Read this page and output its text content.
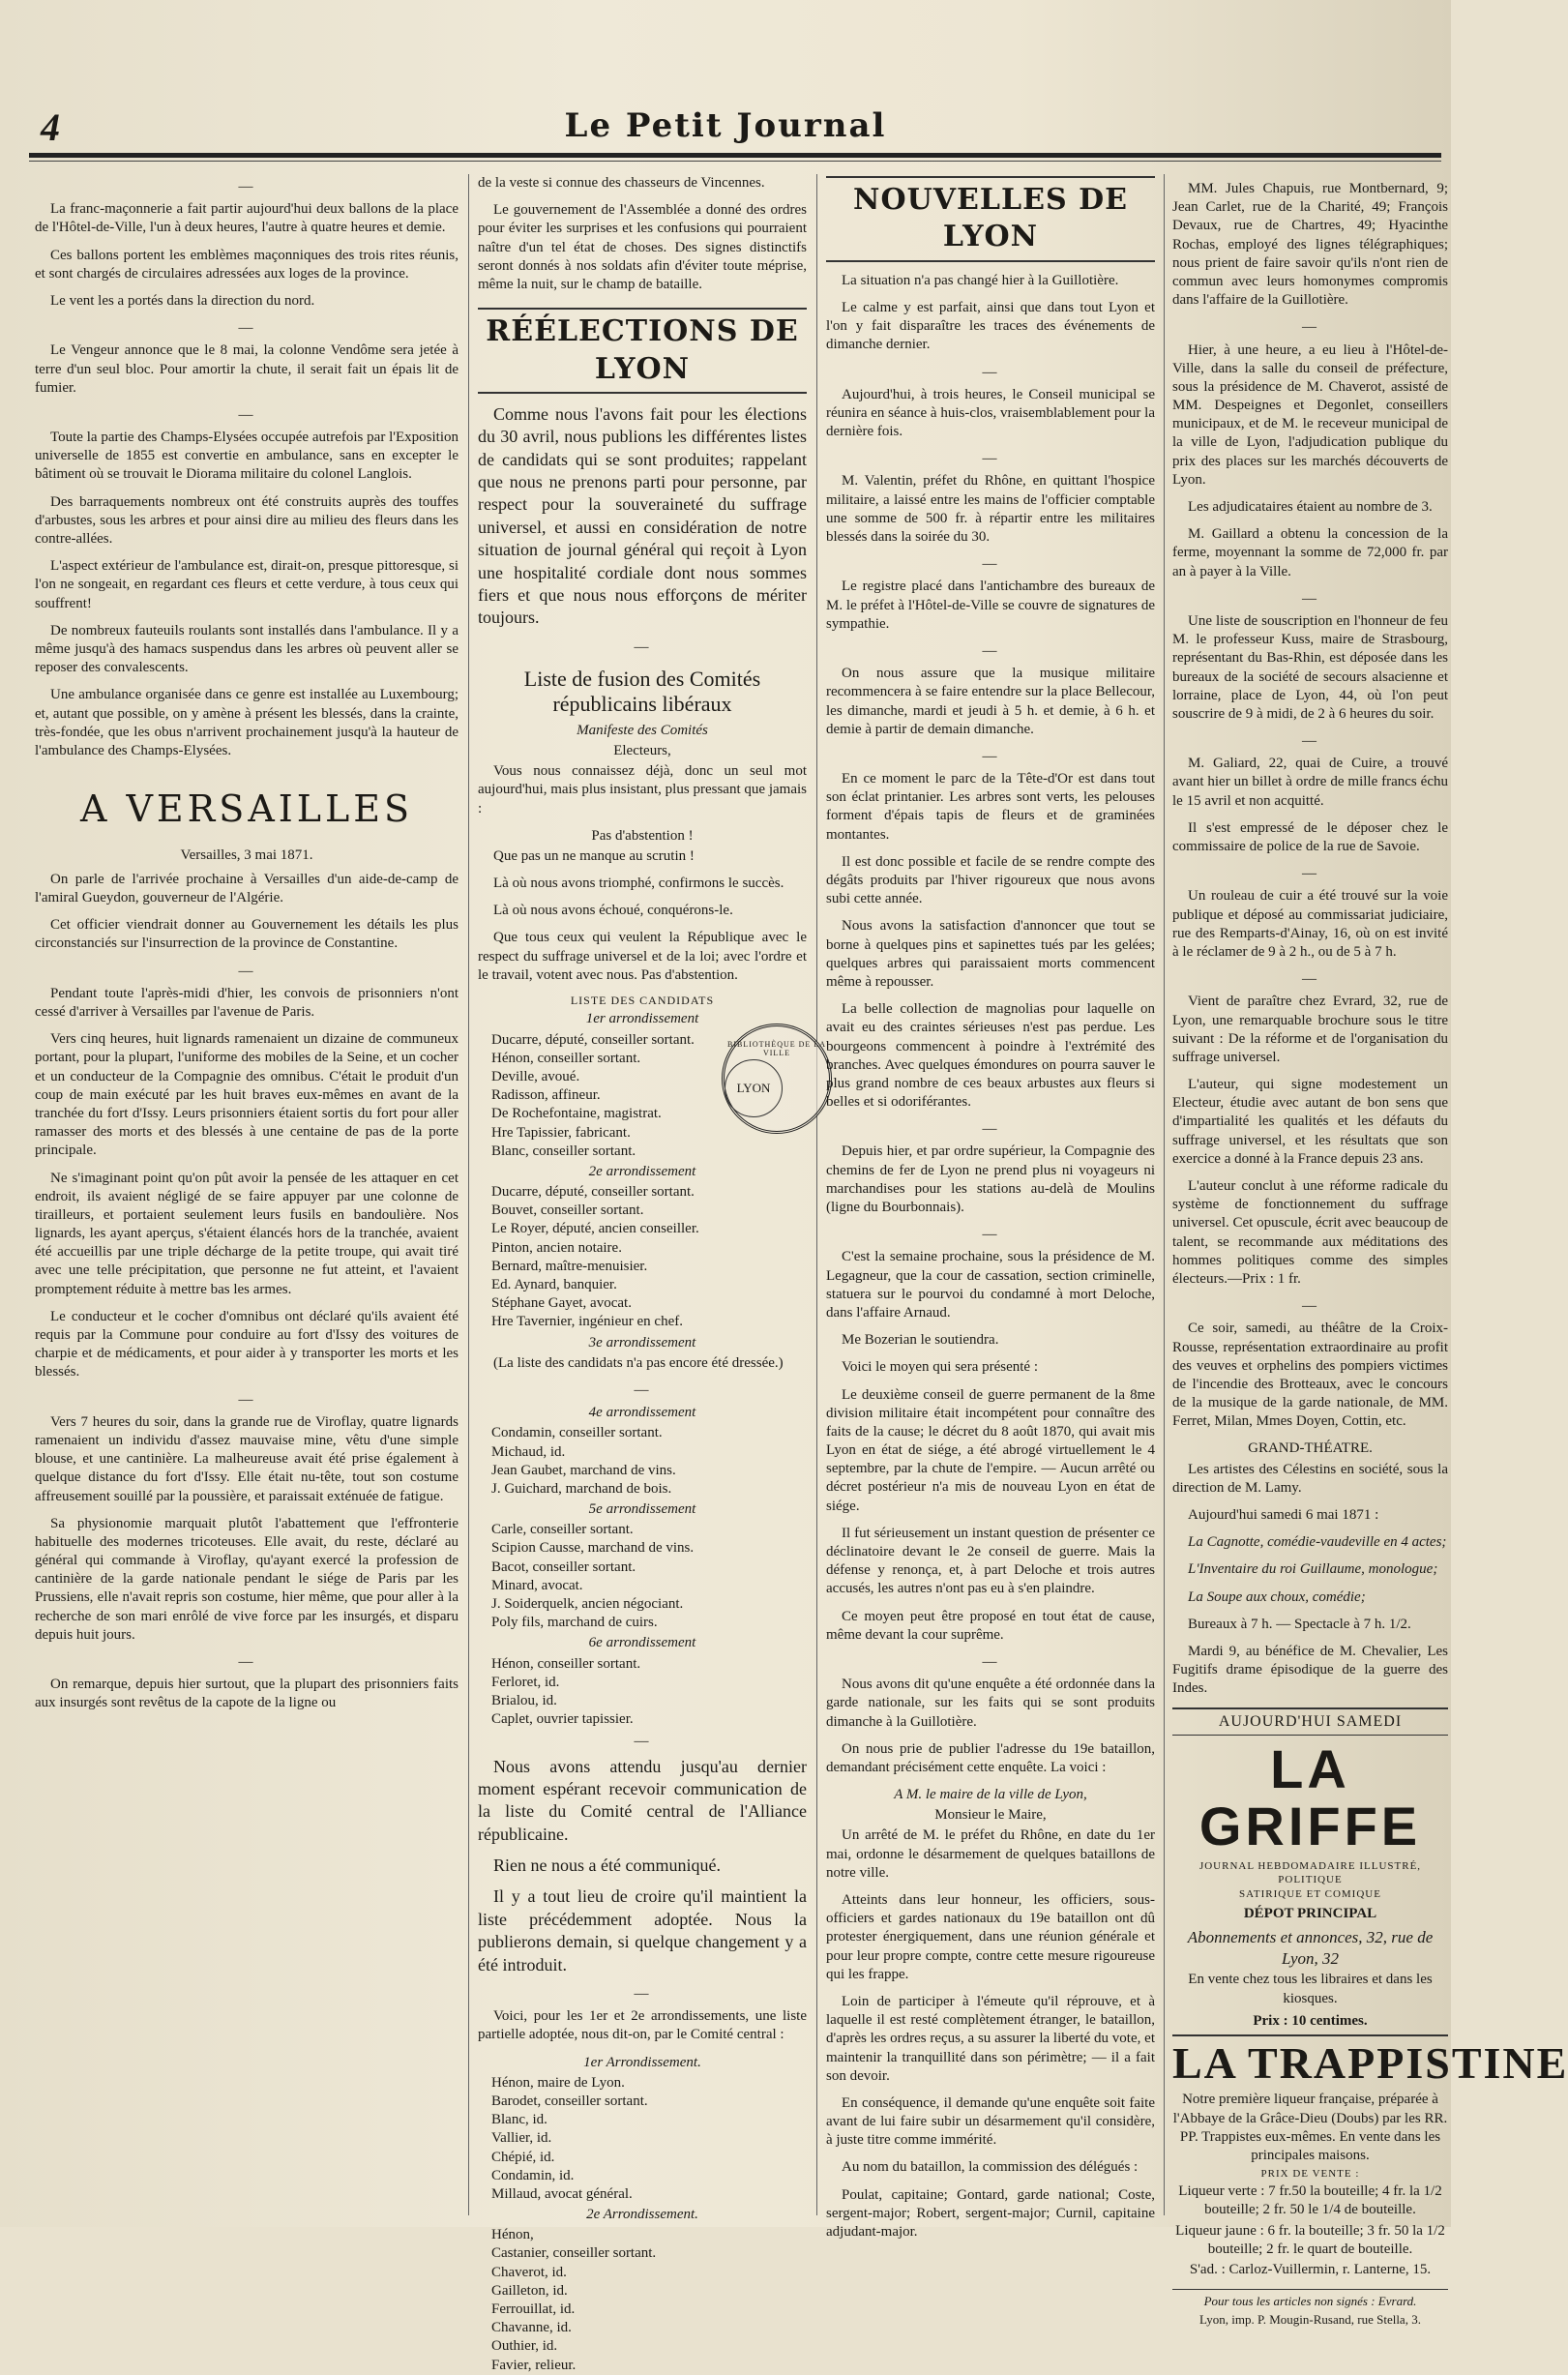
4	Le Petit Journal
—

La franc-maçonnerie a fait partir aujourd'hui deux ballons de la place de l'Hôtel-de-Ville, l'un à deux heures, l'autre à quatre heures et demie.

Ces ballons portent les emblèmes maçonniques des trois rites réunis, et sont chargés de circulaires adressées aux loges de la province.

Le vent les a portés dans la direction du nord.

—

Le Vengeur annonce que le 8 mai, la colonne Vendôme sera jetée à terre d'un seul bloc. Pour amortir la chute, il serait fait un épais lit de fumier.

—

Toute la partie des Champs-Elysées occupée autrefois par l'Exposition universelle de 1855 est convertie en ambulance, sans en excepter le bâtiment où se trouvait le Diorama militaire du colonel Langlois.

Des barraquements nombreux ont été construits auprès des touffes d'arbustes, sous les arbres et pour ainsi dire au milieu des fleurs dans les contre-allées.

L'aspect extérieur de l'ambulance est, dirait-on, presque pittoresque, si l'on ne songeait, en regardant ces fleurs et cette verdure, à tous ceux qui souffrent!

De nombreux fauteuils roulants sont installés dans l'ambulance. Il y a même jusqu'à des hamacs suspendus dans les arbres où peuvent aller se reposer des convalescents.

Une ambulance organisée dans ce genre est installée au Luxembourg; et, autant que possible, on y amène à présent les blessés, dans la crainte, très-fondée, que les obus n'arrivent prochainement jusqu'à la hauteur de l'ambulance des Champs-Elysées.

A VERSAILLES
Versailles, 3 mai 1871.

On parle de l'arrivée prochaine à Versailles d'un aide-de-camp de l'amiral Gueydon, gouverneur de l'Algérie.

Cet officier viendrait donner au Gouvernement les détails les plus circonstanciés sur l'insurrection de la province de Constantine.

—

Pendant toute l'après-midi d'hier, les convois de prisonniers n'ont cessé d'arriver à Versailles par l'avenue de Paris.

Vers cinq heures, huit lignards ramenaient un dizaine de communeux portant, pour la plupart, l'uniforme des mobiles de la Seine, et un cocher et un conducteur de la Compagnie des omnibus. C'était le produit d'un coup de main exécuté par les huit braves eux-mêmes en avant de la tranchée du fort d'Issy. Leurs prisonniers étaient sortis du fort pour aller ramasser des morts et des blessés à une centaine de pas de la porte principale.

Ne s'imaginant point qu'on pût avoir la pensée de les attaquer en cet endroit, ils avaient négligé de se faire appuyer par une colonne de tirailleurs, et portaient seulement leurs fusils en bandoulière. Nos lignards, les ayant aperçus, s'étaient élancés hors de la tranchée, avaient été accueillis par une triple décharge de la petite troupe, qui avait tiré avec une telle précipitation, que personne ne fut atteint, et l'avaient promptement réduite à mettre bas les armes.

Le conducteur et le cocher d'omnibus ont déclaré qu'ils avaient été requis par la Commune pour conduire au fort d'Issy des voitures de charpie et de médicaments, et pour aider à y transporter les morts et les blessés.

—

Vers 7 heures du soir, dans la grande rue de Viroflay, quatre lignards ramenaient un individu d'assez mauvaise mine, vêtu d'une simple blouse, et une cantinière. La malheureuse avait été prise également à quelque distance du fort d'Issy. Elle était nu-tête, tout son costume affreusement souillé par la poussière, et paraissait exténuée de fatigue.

Sa physionomie marquait plutôt l'abattement que l'effronterie habituelle des modernes tricoteuses. Elle avait, du reste, déclaré au général qui commande à Viroflay, qu'ayant exercé la profession de cantinière de la garde nationale pendant le siége de Paris par les Prussiens, elle n'avait repris son costume, hier même, que pour aller à la recherche de son mari enrôlé de vive force par les insurgés, et disparu depuis huit jours.

—

On remarque, depuis hier surtout, que la plupart des prisonniers faits aux insurgés sont revêtus de la capote de la ligne ou

de la veste si connue des chasseurs de Vincennes.

Le gouvernement de l'Assemblée a donné des ordres pour éviter les surprises et les confusions qui pourraient naître d'un tel état de choses. Des signes distinctifs seront donnés à nos soldats afin d'éviter toute méprise, même la nuit, sur le champ de bataille.

RÉÉLECTIONS DE LYON

Comme nous l'avons fait pour les élections du 30 avril, nous publions les différentes listes de candidats qui se sont produites; rappelant que nous ne prenons parti pour personne, par respect pour la souveraineté du suffrage universel, et aussi en considération de notre situation de journal général qui reçoit à Lyon une hospitalité cordiale dont nous sommes fiers et que nous nous efforçons de mériter toujours.

—
Liste de fusion des Comités républicains libéraux
Manifeste des Comités
Electeurs,

Vous nous connaissez déjà, donc un seul mot aujourd'hui, mais plus insistant, plus pressant que jamais :

Pas d'abstention !

Que pas un ne manque au scrutin !

Là où nous avons triomphé, confirmons le succès.

Là où nous avons échoué, conquérons-le.

Que tous ceux qui veulent la République avec le respect du suffrage universel et de la loi; avec l'ordre et le travail, votent avec nous. Pas d'abstention.

LISTE DES CANDIDATS
1er arrondissement
Ducarre, député, conseiller sortant.
Hénon, conseiller sortant.
Deville, avoué.
Radisson, affineur.
De Rochefontaine, magistrat.
Hre Tapissier, fabricant.
Blanc, conseiller sortant.
2e arrondissement
Ducarre, député, conseiller sortant.
Bouvet, conseiller sortant.
Le Royer, député, ancien conseiller.
Pinton, ancien notaire.
Bernard, maître-menuisier.
Ed. Aynard, banquier.
Stéphane Gayet, avocat.
Hre Tavernier, ingénieur en chef.
3e arrondissement

(La liste des candidats n'a pas encore été dressée.)

—
4e arrondissement
Condamin, conseiller sortant.
Michaud, id.
Jean Gaubet, marchand de vins.
J. Guichard, marchand de bois.
5e arrondissement
Carle, conseiller sortant.
Scipion Causse, marchand de vins.
Bacot, conseiller sortant.
Minard, avocat.
J. Soiderquelk, ancien négociant.
Poly fils, marchand de cuirs.
6e arrondissement
Hénon, conseiller sortant.
Ferloret, id.
Brialou, id.
Caplet, ouvrier tapissier.
—

Nous avons attendu jusqu'au dernier moment espérant recevoir communication de la liste du Comité central de l'Alliance républicaine.

Rien ne nous a été communiqué.

Il y a tout lieu de croire qu'il maintient la liste précédemment adoptée. Nous la publierons demain, si quelque changement y a été introduit.

—

Voici, pour les 1er et 2e arrondissements, une liste partielle adoptée, nous dit-on, par le Comité central :

1er Arrondissement.
Hénon, maire de Lyon.
Barodet, conseiller sortant.
Blanc, id.
Vallier, id.
Chépié, id.
Condamin, id.
Millaud, avocat général.
2e Arrondissement.
Hénon,
Castanier, conseiller sortant.
Chaverot, id.
Gailleton, id.
Ferrouillat, id.
Chavanne, id.
Outhier, id.
Favier, relieur.
BIBLIOTHÈQUE DE LA VILLE
LYON
NOUVELLES DE LYON

La situation n'a pas changé hier à la Guillotière.

Le calme y est parfait, ainsi que dans tout Lyon et l'on y fait disparaître les traces des événements de dimanche dernier.

—

Aujourd'hui, à trois heures, le Conseil municipal se réunira en séance à huis-clos, vraisemblablement pour la dernière fois.

—

M. Valentin, préfet du Rhône, en quittant l'hospice militaire, a laissé entre les mains de l'officier comptable une somme de 500 fr. à répartir entre les militaires blessés dans la soirée du 30.

—

Le registre placé dans l'antichambre des bureaux de M. le préfet à l'Hôtel-de-Ville se couvre de signatures de sympathie.

—

On nous assure que la musique militaire recommencera à se faire entendre sur la place Bellecour, les dimanche, mardi et jeudi à 5 h. et demie, à 6 h. et demie à partir de demain dimanche.

—

En ce moment le parc de la Tête-d'Or est dans tout son éclat printanier. Les arbres sont verts, les pelouses forment d'épais tapis de fleurs et de graminées montantes.

Il est donc possible et facile de se rendre compte des dégâts produits par l'hiver rigoureux que nous avons subi cette année.

Nous avons la satisfaction d'annoncer que tout se borne à quelques pins et sapinettes tués par les gelées; quelques arbres qui paraissaient morts commencent même à repousser.

La belle collection de magnolias pour laquelle on avait eu des craintes sérieuses n'est pas perdue. Les bourgeons commencent à poindre à l'extrémité des branches. Avec quelques émondures on pourra sauver le plus grand nombre de ces beaux arbustes aux fleurs si belles et si odoriférantes.

—

Depuis hier, et par ordre supérieur, la Compagnie des chemins de fer de Lyon ne prend plus ni voyageurs ni marchandises pour les stations au-delà de Moulins (ligne du Bourbonnais).

—

C'est la semaine prochaine, sous la présidence de M. Legagneur, que la cour de cassation, section criminelle, statuera sur le pourvoi du condamné à mort Deloche, dans l'affaire Arnaud.

Me Bozerian le soutiendra.

Voici le moyen qui sera présenté :

Le deuxième conseil de guerre permanent de la 8me division militaire était incompétent pour connaître des faits de la cause; le décret du 8 août 1870, qui avait mis Lyon en état de siége, a été abrogé virtuellement le 4 septembre, par la chute de l'empire. — Aucun arrêté ou décret postérieur n'a mis de nouveau Lyon en état de siége.

Il fut sérieusement un instant question de présenter ce déclinatoire devant le 2e conseil de guerre. Mais la défense y renonça, et, à part Deloche et trois autres accusés, les autres n'ont pas eu à s'en plaindre.

Ce moyen peut être proposé en tout état de cause, même devant la cour suprême.

—

Nous avons dit qu'une enquête a été ordonnée dans la garde nationale, sur les faits qui se sont produits dimanche à la Guillotière.

On nous prie de publier l'adresse du 19e bataillon, demandant précisément cette enquête. La voici :

A M. le maire de la ville de Lyon,
Monsieur le Maire,

Un arrêté de M. le préfet du Rhône, en date du 1er mai, ordonne le désarmement de quelques bataillons de notre ville.

Atteints dans leur honneur, les officiers, sous-officiers et gardes nationaux du 19e bataillon ont dû protester énergiquement, dans une réunion générale et pour leur propre compte, contre cette mesure rigoureuse qui les frappe.

Loin de participer à l'émeute qu'il réprouve, et à laquelle il est resté complètement étranger, le bataillon, d'après les ordres reçus, a su assurer la liberté du vote, et maintenir la tranquillité dans son périmètre; — il a fait son devoir.

En conséquence, il demande qu'une enquête soit faite avant de lui faire subir un désarmement qu'il considère, à juste titre comme immérité.

Au nom du bataillon, la commission des délégués :

Poulat, capitaine; Gontard, garde national; Coste, sergent-major; Robert, sergent-major; Curnil, capitaine adjudant-major.

MM. Jules Chapuis, rue Montbernard, 9; Jean Carlet, rue de la Charité, 49; François Devaux, rue de Chartres, 49; Hyacinthe Rochas, employé des lignes télégraphiques; nous prient de faire savoir qu'ils n'ont rien de commun avec leurs homonymes compromis dans l'affaire de la Guillotière.

—

Hier, à une heure, a eu lieu à l'Hôtel-de-Ville, dans la salle du conseil de préfecture, sous la présidence de M. Chaverot, assisté de MM. Despeignes et Degonlet, conseillers municipaux, et de M. le receveur municipal de la ville de Lyon, l'adjudication publique du prix des places sur les marchés découverts de Lyon.

Les adjudicataires étaient au nombre de 3.

M. Gaillard a obtenu la concession de la ferme, moyennant la somme de 72,000 fr. par an à payer à la Ville.

—

Une liste de souscription en l'honneur de feu M. le professeur Kuss, maire de Strasbourg, représentant du Bas-Rhin, est déposée dans les bureaux de la société de secours alsacienne et lorraine, place de Lyon, 44, où l'on peut souscrire de 9 à midi, de 2 à 6 heures du soir.

—

M. Galiard, 22, quai de Cuire, a trouvé avant hier un billet à ordre de mille francs échu le 15 avril et non acquitté.

Il s'est empressé de le déposer chez le commissaire de police de la rue de Savoie.

—

Un rouleau de cuir a été trouvé sur la voie publique et déposé au commissariat judiciaire, rue des Remparts-d'Ainay, 16, où on est invité à le réclamer de 9 à 2 h., ou de 5 à 7 h.

—

Vient de paraître chez Evrard, 32, rue de Lyon, une remarquable brochure sous le titre suivant : De la réforme et de l'organisation du suffrage universel.

L'auteur, qui signe modestement un Electeur, étudie avec autant de bon sens que d'impartialité les qualités et les défauts du suffrage universel, et les résultats que son exercice a donné à la France depuis 23 ans.

L'auteur conclut à une réforme radicale du système de fonctionnement du suffrage universel. Cet opuscule, écrit avec beaucoup de talent, se recommande aux méditations des hommes politiques comme des simples électeurs.—Prix : 1 fr.

—

Ce soir, samedi, au théâtre de la Croix-Rousse, représentation extraordinaire au profit des veuves et orphelins des pompiers victimes de l'incendie des Brotteaux, avec le concours de la musique de la garde nationale, de MM. Ferret, Milan, Mmes Doyen, Cottin, etc.

GRAND-THÉATRE.

Les artistes des Célestins en société, sous la direction de M. Lamy.

Aujourd'hui samedi 6 mai 1871 :

La Cagnotte, comédie-vaudeville en 4 actes;

L'Inventaire du roi Guillaume, monologue;

La Soupe aux choux, comédie;

Bureaux à 7 h. — Spectacle à 7 h. 1/2.

Mardi 9, au bénéfice de M. Chevalier, Les Fugitifs drame épisodique de la guerre des Indes.

AUJOURD'HUI SAMEDI
LA GRIFFE
JOURNAL HEBDOMADAIRE ILLUSTRÉ, POLITIQUE
SATIRIQUE ET COMIQUE
DÉPOT PRINCIPAL
Abonnements et annonces, 32, rue de Lyon, 32
En vente chez tous les libraires et dans les kiosques.
Prix : 10 centimes.
LA TRAPPISTINE
Notre première liqueur française, préparée à l'Abbaye de la Grâce-Dieu (Doubs) par les RR. PP. Trappistes eux-mêmes. En vente dans les principales maisons.
PRIX DE VENTE :
Liqueur verte : 7 fr.50 la bouteille; 4 fr. la 1/2 bouteille; 2 fr. 50 le 1/4 de bouteille.
Liqueur jaune : 6 fr. la bouteille; 3 fr. 50 la 1/2 bouteille; 2 fr. le quart de bouteille.
S'ad. : Carloz-Vuillermin, r. Lanterne, 15.
Pour tous les articles non signés : Evrard.
Lyon, imp. P. Mougin-Rusand, rue Stella, 3.
